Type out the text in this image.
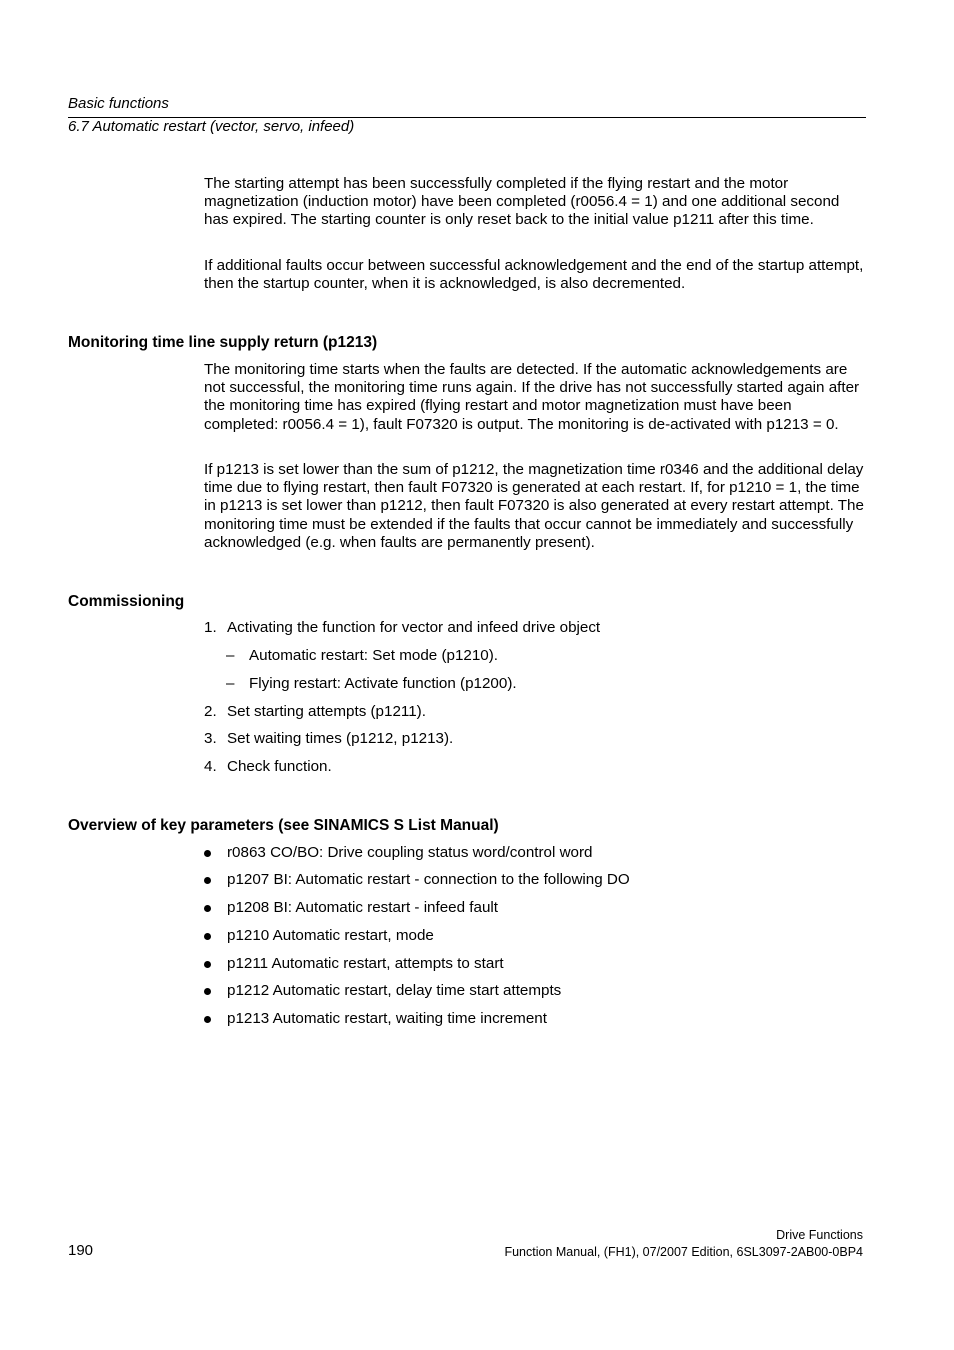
Basic functions
6.7 Automatic restart (vector, servo, infeed)
The starting attempt has been successfully completed if the flying restart and the motor magnetization (induction motor) have been completed (r0056.4 = 1) and one additional second has expired. The starting counter is only reset back to the initial value p1211 after this time.
If additional faults occur between successful acknowledgement and the end of the startup attempt, then the startup counter, when it is acknowledged, is also decremented.
Monitoring time line supply return (p1213)
The monitoring time starts when the faults are detected. If the automatic acknowledgements are not successful, the monitoring time runs again. If the drive has not successfully started again after the monitoring time has expired (flying restart and motor magnetization must have been completed: r0056.4 = 1), fault F07320 is output. The monitoring is de-activated with p1213 = 0.
If p1213 is set lower than the sum of p1212, the magnetization time r0346 and the additional delay time due to flying restart, then fault F07320 is generated at each restart. If, for p1210 = 1, the time in p1213 is set lower than p1212, then fault F07320 is also generated at every restart attempt. The monitoring time must be extended if the faults that occur cannot be immediately and successfully acknowledged (e.g. when faults are permanently present).
Commissioning
1. Activating the function for vector and infeed drive object
– Automatic restart: Set mode (p1210).
– Flying restart: Activate function (p1200).
2. Set starting attempts (p1211).
3. Set waiting times (p1212, p1213).
4. Check function.
Overview of key parameters (see SINAMICS S List Manual)
r0863 CO/BO: Drive coupling status word/control word
p1207 BI: Automatic restart - connection to the following DO
p1208 BI: Automatic restart - infeed fault
p1210 Automatic restart, mode
p1211 Automatic restart, attempts to start
p1212 Automatic restart, delay time start attempts
p1213 Automatic restart, waiting time increment
Drive Functions
Function Manual, (FH1), 07/2007 Edition, 6SL3097-2AB00-0BP4
190
